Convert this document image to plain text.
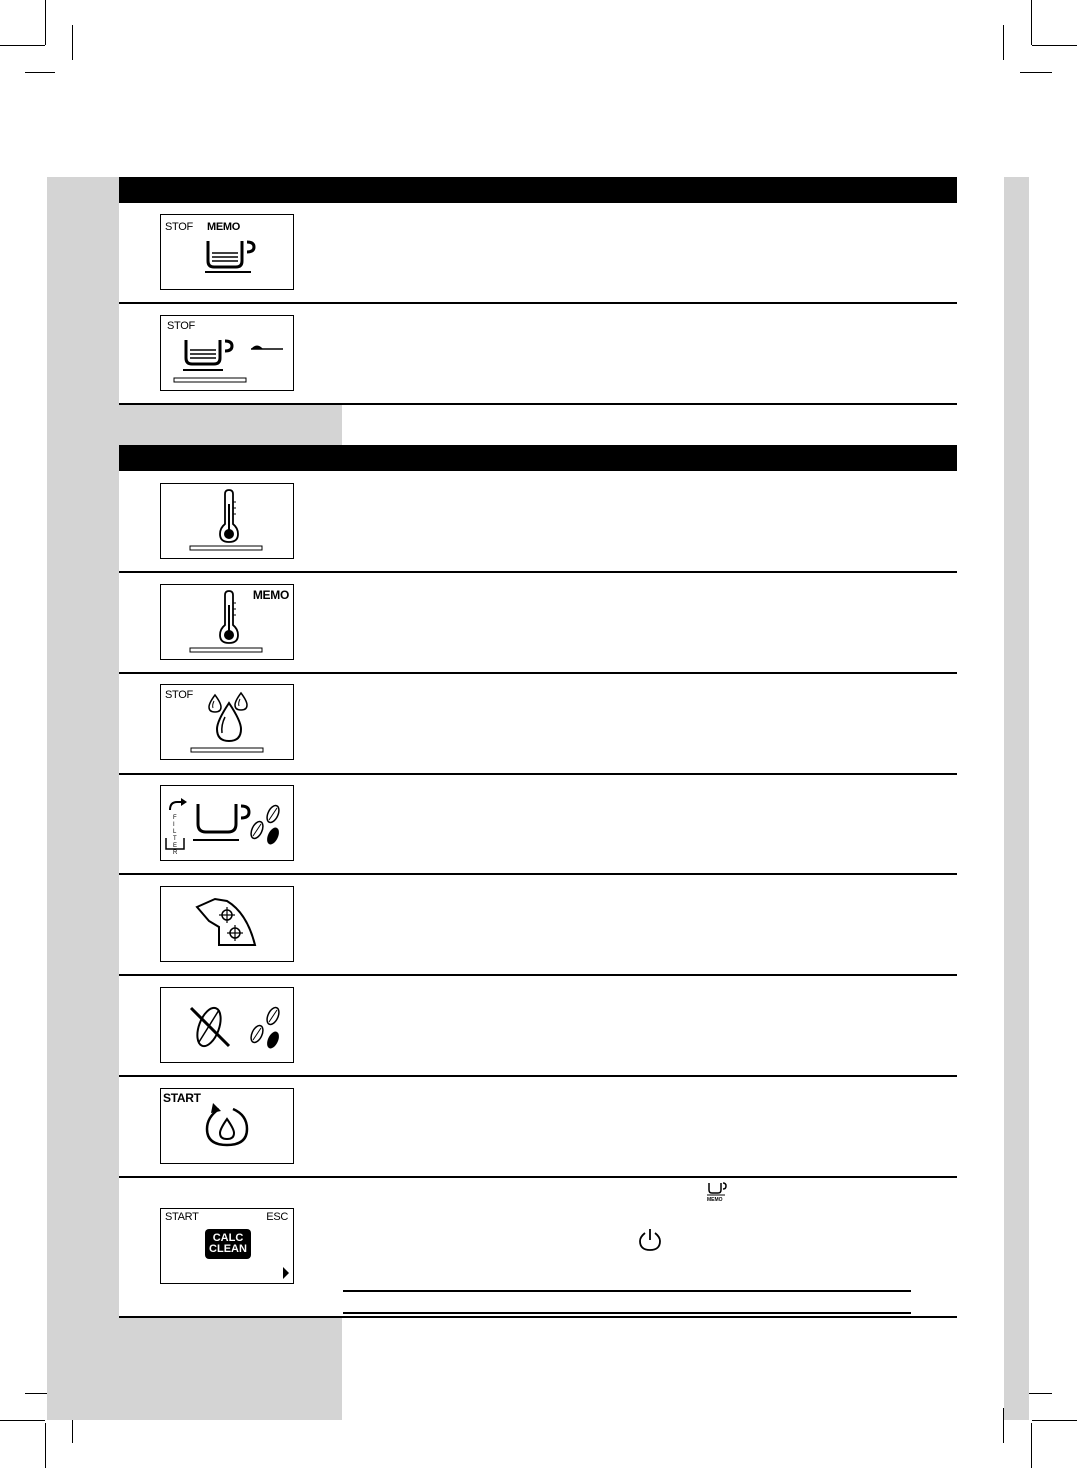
STOF MEMO
STOF
MEMO
STOF
F
I
L
T
E
R
START
START	ESC
CALC
CLEAN
MEMO
